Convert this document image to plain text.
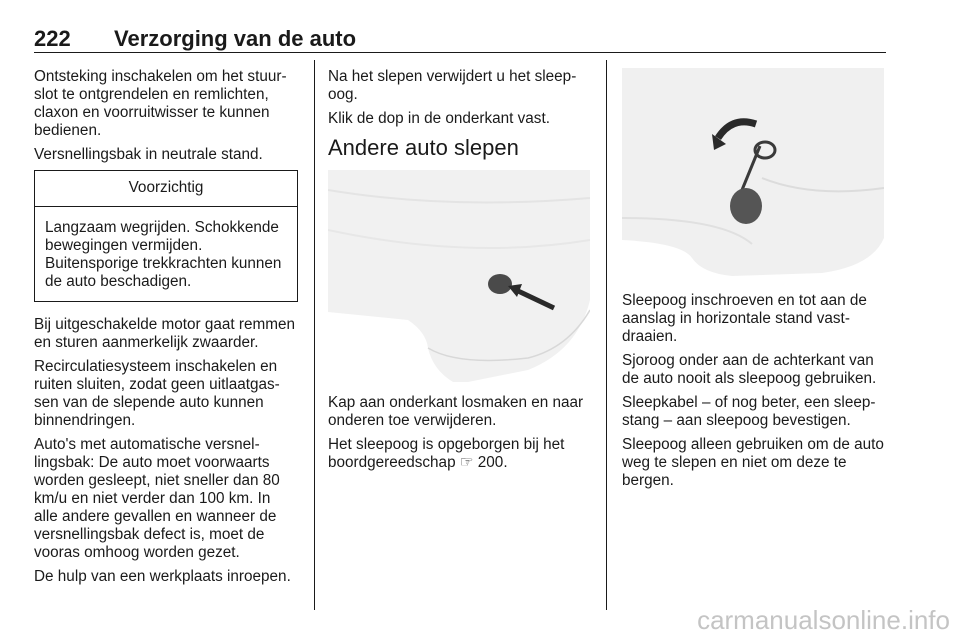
222 Verzorging van de auto

Ontsteking inschakelen om het stuurslot te ontgrendelen en remlichten, claxon en voorruitwisser te kunnen bedienen.

Versnellingsbak in neutrale stand.

Voorzichtig
Langzaam wegrijden. Schokkende bewegingen vermijden. Buitensporige trekkrachten kunnen de auto beschadigen.

Bij uitgeschakelde motor gaat remmen en sturen aanmerkelijk zwaarder.

Recirculatiesysteem inschakelen en ruiten sluiten, zodat geen uitlaatgassen van de slepende auto kunnen binnendringen.

Auto's met automatische versnellingsbak: De auto moet voorwaarts worden gesleept, niet sneller dan 80 km/u en niet verder dan 100 km. In alle andere gevallen en wanneer de versnellingsbak defect is, moet de vooras omhoog worden gezet.

De hulp van een werkplaats inroepen.

Na het slepen verwijdert u het sleepoog.

Klik de dop in de onderkant vast.

Andere auto slepen

Kap aan onderkant losmaken en naar onderen toe verwijderen.

Het sleepoog is opgeborgen bij het boordgereedschap ☞ 200.

Sleepoog inschroeven en tot aan de aanslag in horizontale stand vastdraaien.

Sjoroog onder aan de achterkant van de auto nooit als sleepoog gebruiken.

Sleepkabel – of nog beter, een sleepstang – aan sleepoog bevestigen.

Sleepoog alleen gebruiken om de auto weg te slepen en niet om deze te bergen.

carmanualsonline.info
